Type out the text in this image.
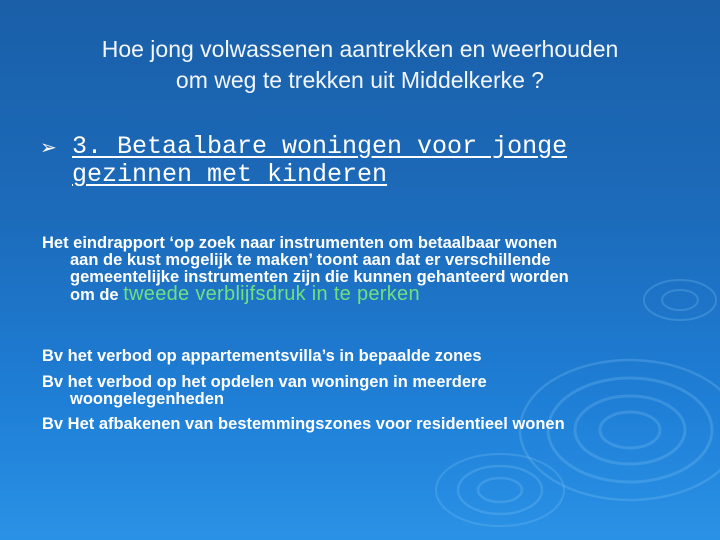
Hoe jong volwassenen aantrekken en weerhouden
om weg te trekken uit Middelkerke ?
➢ 3. Betaalbare woningen voor jonge
gezinnen met kinderen
Het eindrapport ‘op zoek naar instrumenten om betaalbaar wonen
aan de kust mogelijk te maken’ toont aan dat er verschillende
gemeentelijke instrumenten zijn die kunnen gehanteerd worden
om de tweede verblijfsdruk in te perken
Bv het verbod op appartementsvilla’s in bepaalde zones
Bv het verbod op het opdelen van woningen in meerdere
woongelegenheden
Bv Het afbakenen van bestemmingszones voor residentieel wonen
